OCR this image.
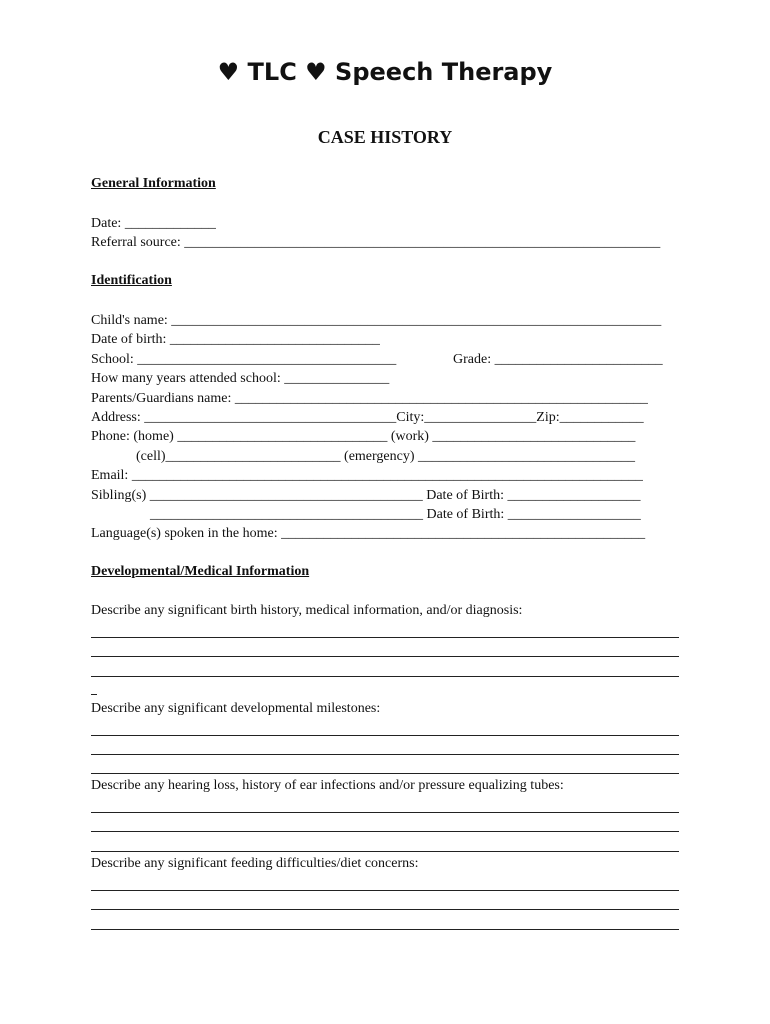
♥ TLC ♥ Speech Therapy
CASE HISTORY
General Information
Date: _____________
Referral source: ____________________________________________________________________
Identification
Child's name: ______________________________________________________________________
Date of birth: ______________________________
School: _____________________________________	Grade: ________________________
How many years attended school: _______________
Parents/Guardians name: ___________________________________________________________
Address: ____________________________________City:________________Zip:____________
Phone: (home) ______________________________ (work) _____________________________
(cell)_________________________ (emergency) _______________________________
Email: _________________________________________________________________________
Sibling(s) _______________________________________ Date of Birth: ___________________
_______________________________________ Date of Birth: ___________________
Language(s) spoken in the home: ____________________________________________________
Developmental/Medical Information
Describe any significant birth history, medical information, and/or diagnosis:
Describe any significant developmental milestones:
Describe any hearing loss, history of ear infections and/or pressure equalizing tubes:
Describe any significant feeding difficulties/diet concerns:
